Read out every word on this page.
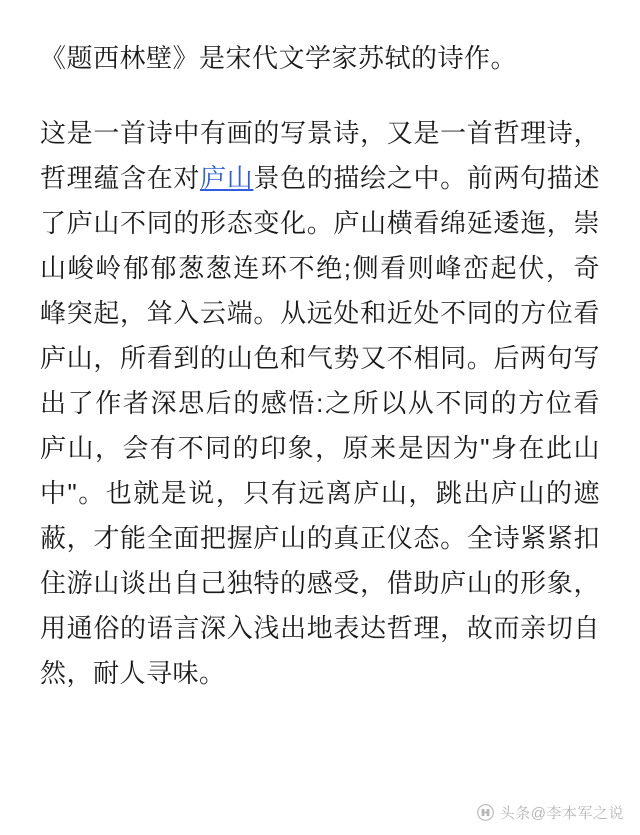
《题西林壁》是宋代文学家苏轼的诗作。

这是一首诗中有画的写景诗，又是一首哲理诗，哲理蕴含在对庐山景色的描绘之中。前两句描述了庐山不同的形态变化。庐山横看绵延逶迤，崇山峻岭郁郁葱葱连环不绝;侧看则峰峦起伏，奇峰突起，耸入云端。从远处和近处不同的方位看庐山，所看到的山色和气势又不相同。后两句写出了作者深思后的感悟:之所以从不同的方位看庐山，会有不同的印象，原来是因为"身在此山中"。也就是说，只有远离庐山，跳出庐山的遮蔽，才能全面把握庐山的真正仪态。全诗紧紧扣住游山谈出自己独特的感受，借助庐山的形象，用通俗的语言深入浅出地表达哲理，故而亲切自然，耐人寻味。

头条@李本军之说
